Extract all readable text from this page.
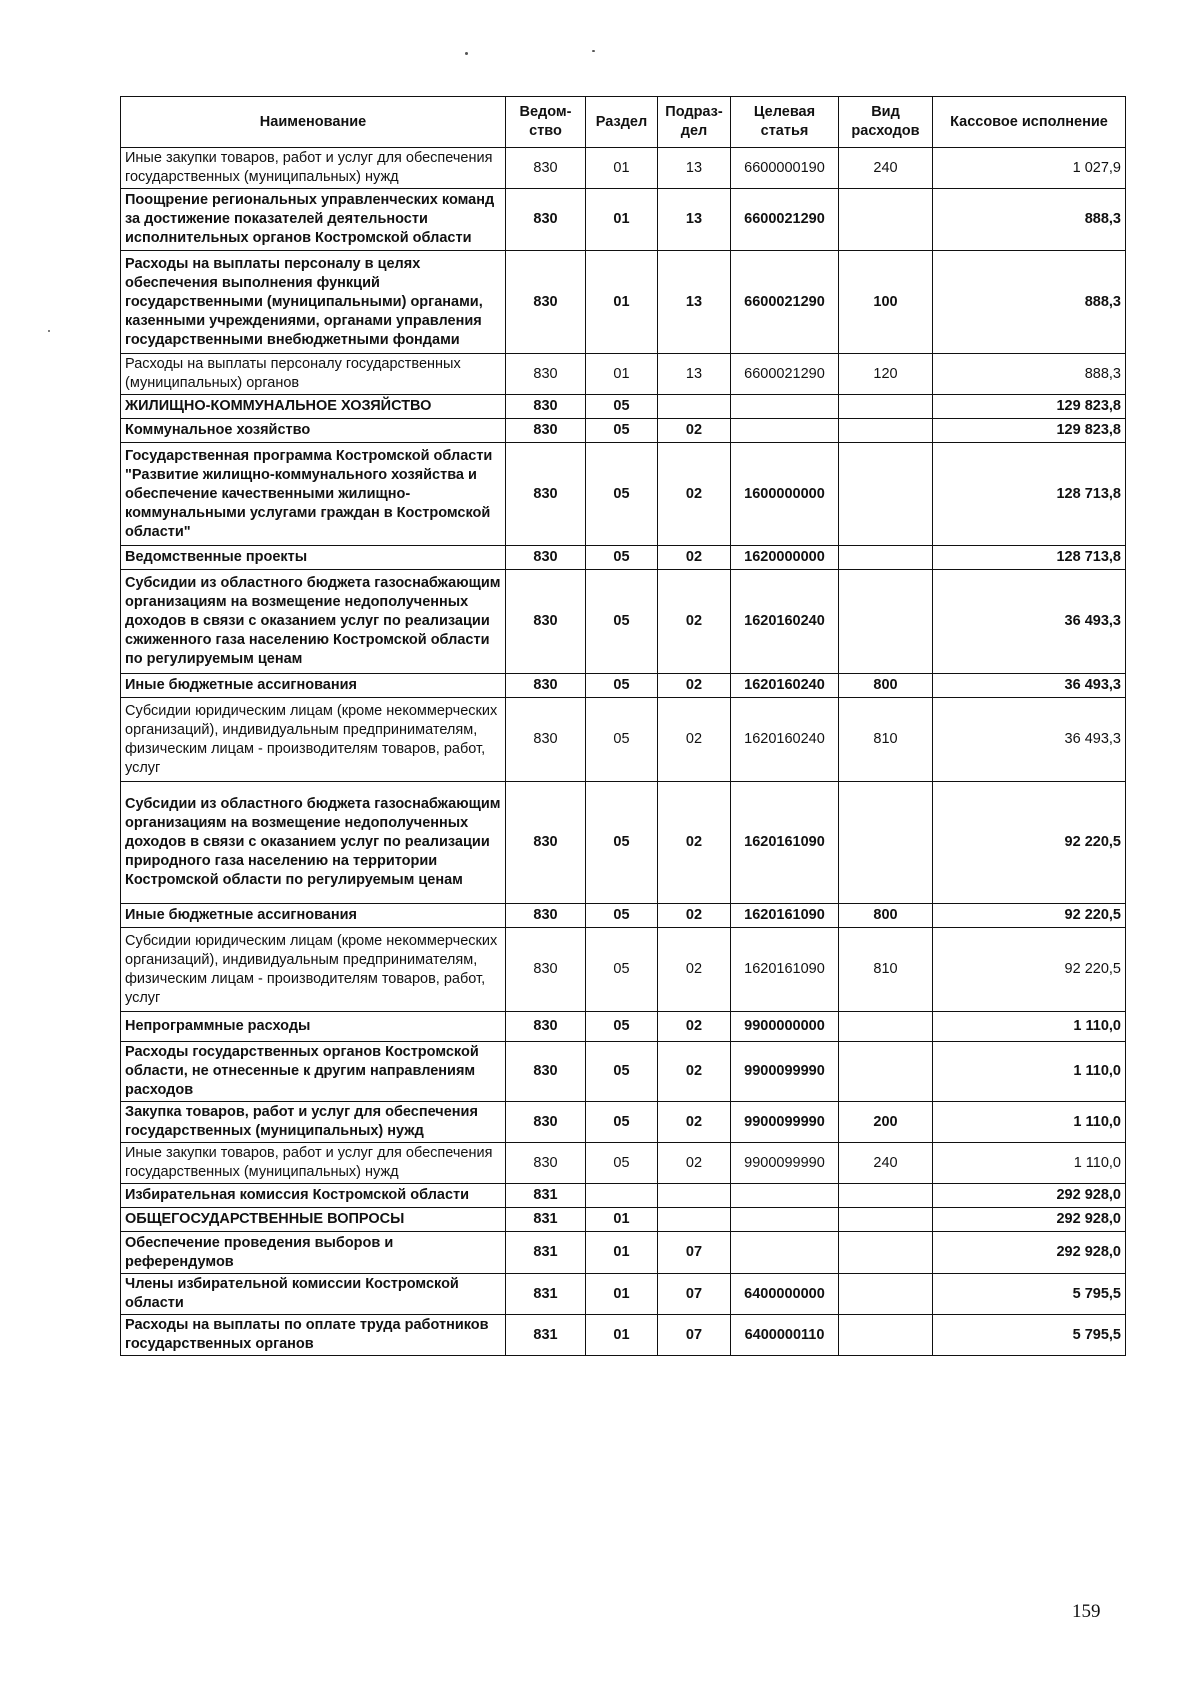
Наименование	Ведом- ство	Раздел	Подраз- дел	Целевая статья	Вид расходов	Кассовое исполнение
Иные закупки товаров, работ и услуг для обеспечения государственных (муниципальных) нужд	830	01	13	6600000190	240	1 027,9
Поощрение региональных управленческих команд за достижение показателей деятельности исполнительных органов Костромской области	830	01	13	6600021290		888,3
Расходы на выплаты персоналу в целях обеспечения выполнения функций государственными (муниципальными) органами, казенными учреждениями, органами управления государственными внебюджетными фондами	830	01	13	6600021290	100	888,3
Расходы на выплаты персоналу государственных (муниципальных) органов	830	01	13	6600021290	120	888,3
ЖИЛИЩНО-КОММУНАЛЬНОЕ ХОЗЯЙСТВО	830	05				129 823,8
Коммунальное хозяйство	830	05	02			129 823,8
Государственная программа Костромской области "Развитие жилищно-коммунального хозяйства и обеспечение качественными жилищно-коммунальными услугами граждан в Костромской области"	830	05	02	1600000000		128 713,8
Ведомственные проекты	830	05	02	1620000000		128 713,8
Субсидии из областного бюджета газоснабжающим организациям на возмещение недополученных доходов в связи с оказанием услуг по реализации сжиженного газа населению Костромской области по регулируемым ценам	830	05	02	1620160240		36 493,3
Иные бюджетные ассигнования	830	05	02	1620160240	800	36 493,3
Субсидии юридическим лицам (кроме некоммерческих организаций), индивидуальным предпринимателям, физическим лицам - производителям товаров, работ, услуг	830	05	02	1620160240	810	36 493,3
Субсидии из областного бюджета газоснабжающим организациям на возмещение недополученных доходов в связи с оказанием услуг по реализации природного газа населению на территории Костромской области по регулируемым ценам	830	05	02	1620161090		92 220,5
Иные бюджетные ассигнования	830	05	02	1620161090	800	92 220,5
Субсидии юридическим лицам (кроме некоммерческих организаций), индивидуальным предпринимателям, физическим лицам - производителям товаров, работ, услуг	830	05	02	1620161090	810	92 220,5
Непрограммные расходы	830	05	02	9900000000		1 110,0
Расходы государственных органов Костромской области, не отнесенные к другим направлениям расходов	830	05	02	9900099990		1 110,0
Закупка товаров, работ и услуг для обеспечения государственных (муниципальных) нужд	830	05	02	9900099990	200	1 110,0
Иные закупки товаров, работ и услуг для обеспечения государственных (муниципальных) нужд	830	05	02	9900099990	240	1 110,0
Избирательная комиссия Костромской области	831					292 928,0
ОБЩЕГОСУДАРСТВЕННЫЕ ВОПРОСЫ	831	01				292 928,0
Обеспечение проведения выборов и референдумов	831	01	07			292 928,0
Члены избирательной комиссии Костромской области	831	01	07	6400000000		5 795,5
Расходы на выплаты по оплате труда работников государственных органов	831	01	07	6400000110		5 795,5
159
